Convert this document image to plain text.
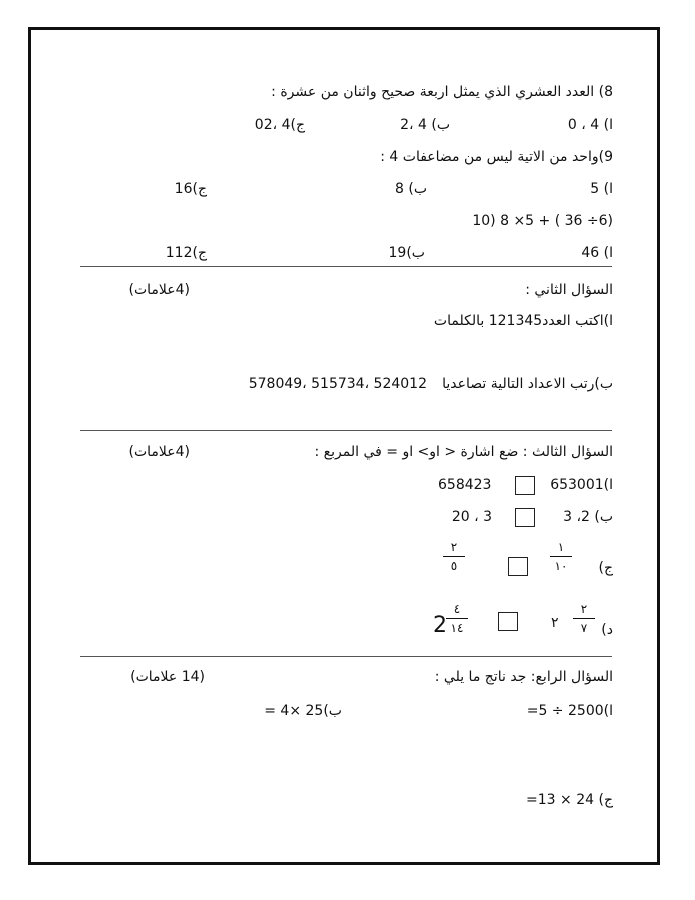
8) العدد العشري الذي يمثل اربعة صحيح واثنان من عشرة :
ا) 4 ، 0
ب) 4 ،2
ج)4 ،02
9)واحد من الاتية ليس من مضاعفات 4 :
ا) 5
ب) 8
ج)16
10) 8 ×5 + ( 36 ÷6)
ا) 46
ب)19
ج)112
السؤال الثاني :
(4علامات)
ا)اكتب العدد121345 بالكلمات
ب)رتب الاعداد التالية تصاعديا
578049، 515734، 524012
السؤال الثالث : ضع اشارة < او> او = في المربع :
(4علامات)
ا)653001
658423
ب) 2، 3
20 ، 3
ج)
١
١٠
٢
٥
د)
٢
٧
٢
2
٤
١٤
السؤال الرابع: جد ناتج ما يلي :
(14 علامات)
ا)2500 ÷ 5=
ب)25 ×4 =
ج) 24 × 13=
